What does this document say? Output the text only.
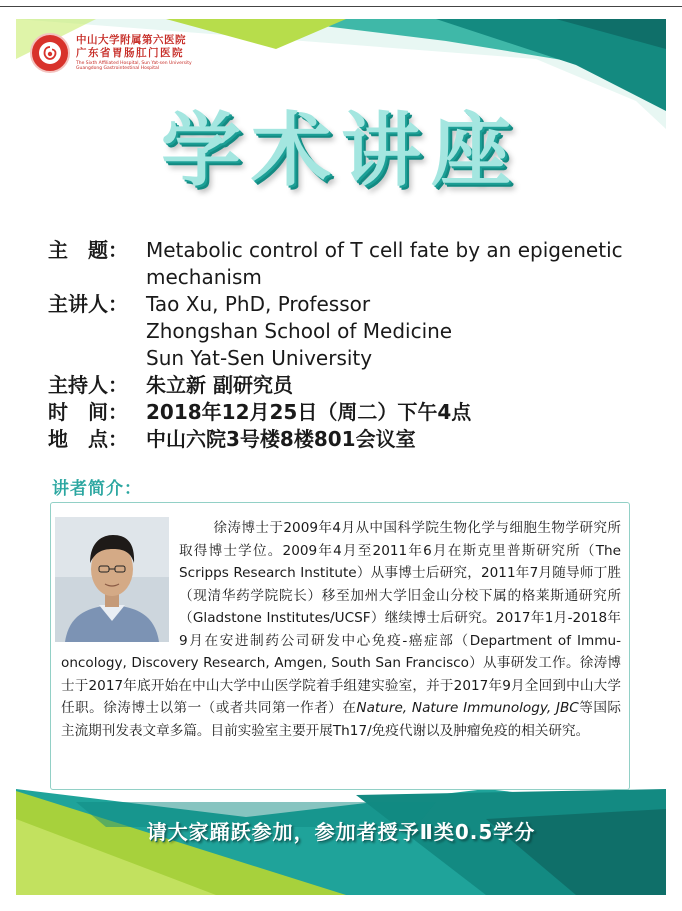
中山大学附属第六医院
广东省胃肠肛门医院
The Sixth Affiliated Hospital, Sun Yat-sen University
Guangdong Gastrointestinal Hospital
学术讲座
主　题： Metabolic control of T cell fate by an epigenetic
mechanism
主讲人： Tao Xu, PhD, Professor
Zhongshan School of Medicine
Sun Yat-Sen University
主持人： 朱立新 副研究员
时　间： 2018年12月25日（周二）下午4点
地　点： 中山六院3号楼8楼801会议室
讲者简介：
徐涛博士于2009年4月从中国科学院生物化学与细胞生物学研究所取得博士学位。2009年4月至2011年6月在斯克里普斯研究所（The Scripps Research Institute）从事博士后研究，2011年7月随导师丁胜（现清华药学院院长）移至加州大学旧金山分校下属的格莱斯通研究所（Gladstone Institutes/UCSF）继续博士后研究。2017年1月-2018年9月在安进制药公司研发中心免疫-癌症部（Department of Immu-oncology, Discovery Research, Amgen, South San Francisco）从事研发工作。徐涛博士于2017年底开始在中山大学中山医学院着手组建实验室，并于2017年9月全回到中山大学任职。徐涛博士以第一（或者共同第一作者）在Nature, Nature Immunology, JBC等国际主流期刊发表文章多篇。目前实验室主要开展Th17/免疫代谢以及肿瘤免疫的相关研究。
请大家踊跃参加，参加者授予Ⅱ类0.5学分
